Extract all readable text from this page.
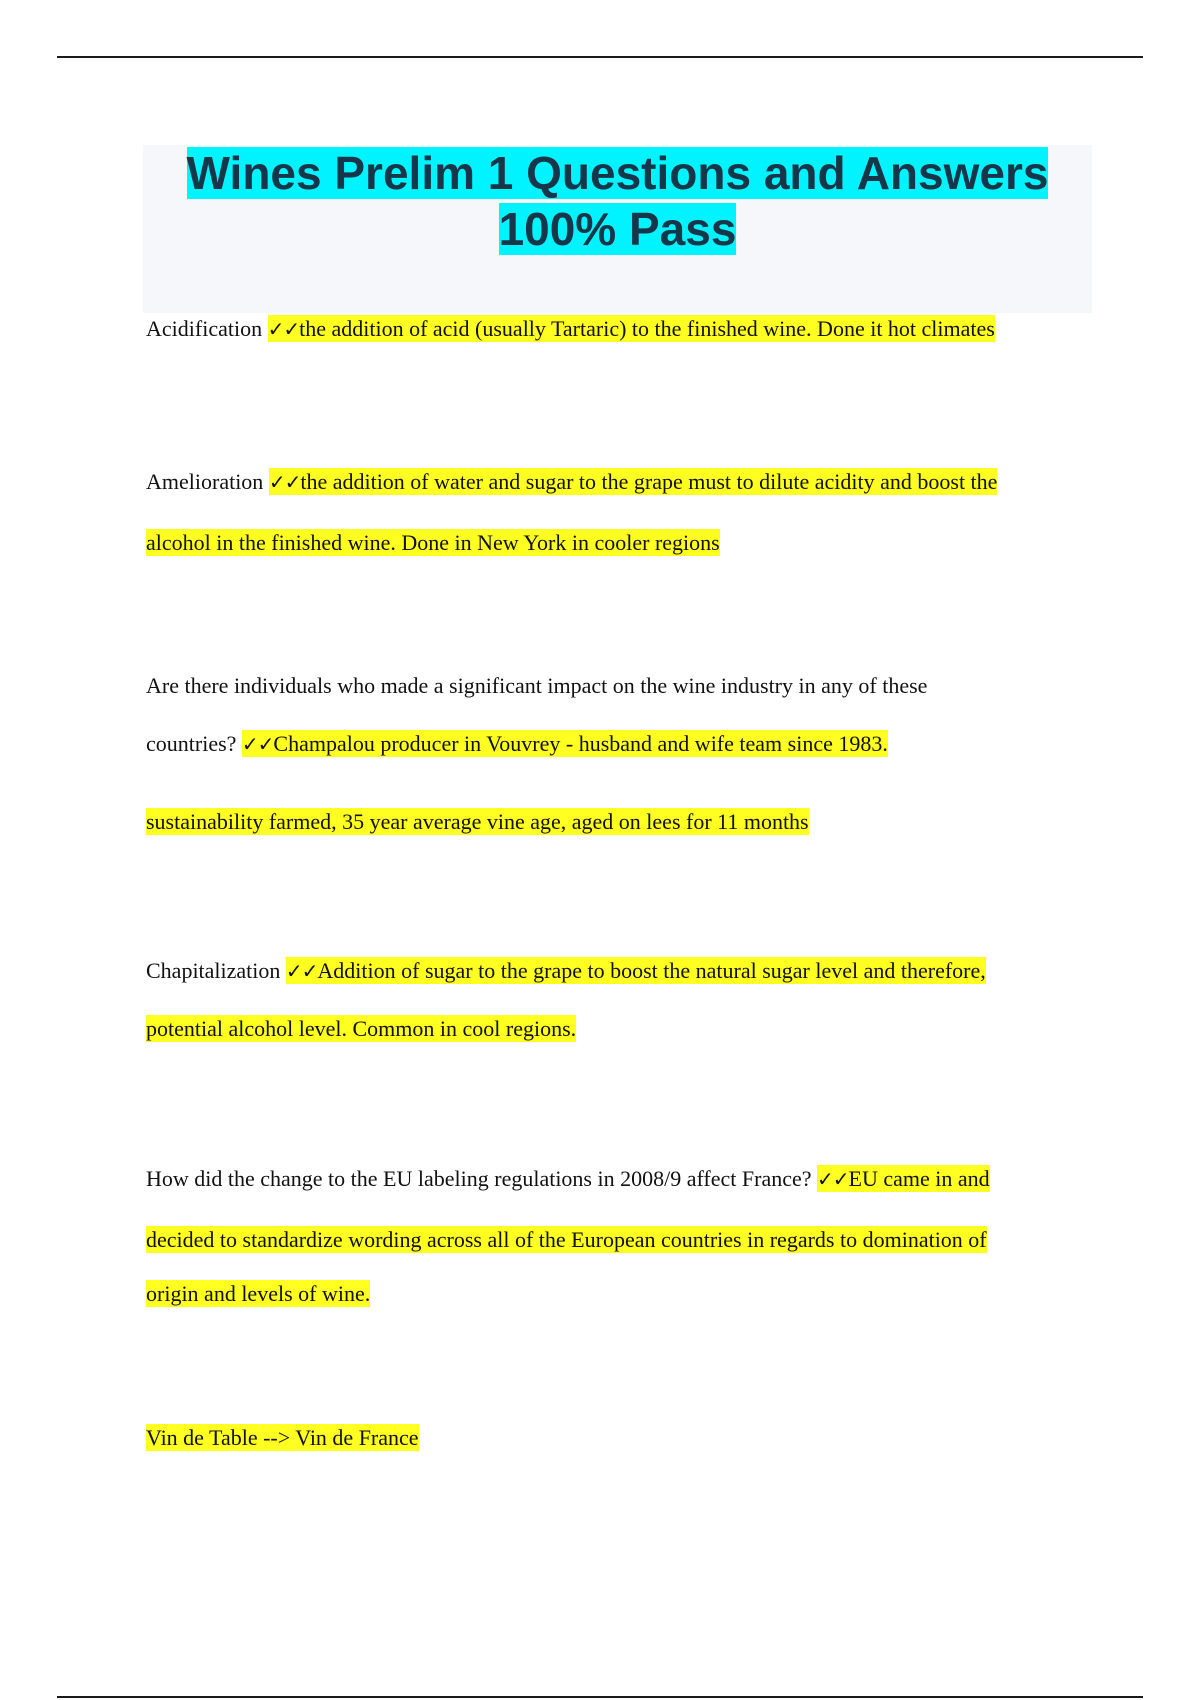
Wines Prelim 1 Questions and Answers
100% Pass
Acidification ✓✓the addition of acid (usually Tartaric) to the finished wine. Done it hot climates
Amelioration ✓✓the addition of water and sugar to the grape must to dilute acidity and boost the
alcohol in the finished wine. Done in New York in cooler regions
Are there individuals who made a significant impact on the wine industry in any of these
countries? ✓✓Champalou producer in Vouvrey - husband and wife team since 1983.
sustainability farmed, 35 year average vine age, aged on lees for 11 months
Chapitalization ✓✓Addition of sugar to the grape to boost the natural sugar level and therefore,
potential alcohol level. Common in cool regions.
How did the change to the EU labeling regulations in 2008/9 affect France? ✓✓EU came in and
decided to standardize wording across all of the European countries in regards to domination of
origin and levels of wine.
Vin de Table --> Vin de France
